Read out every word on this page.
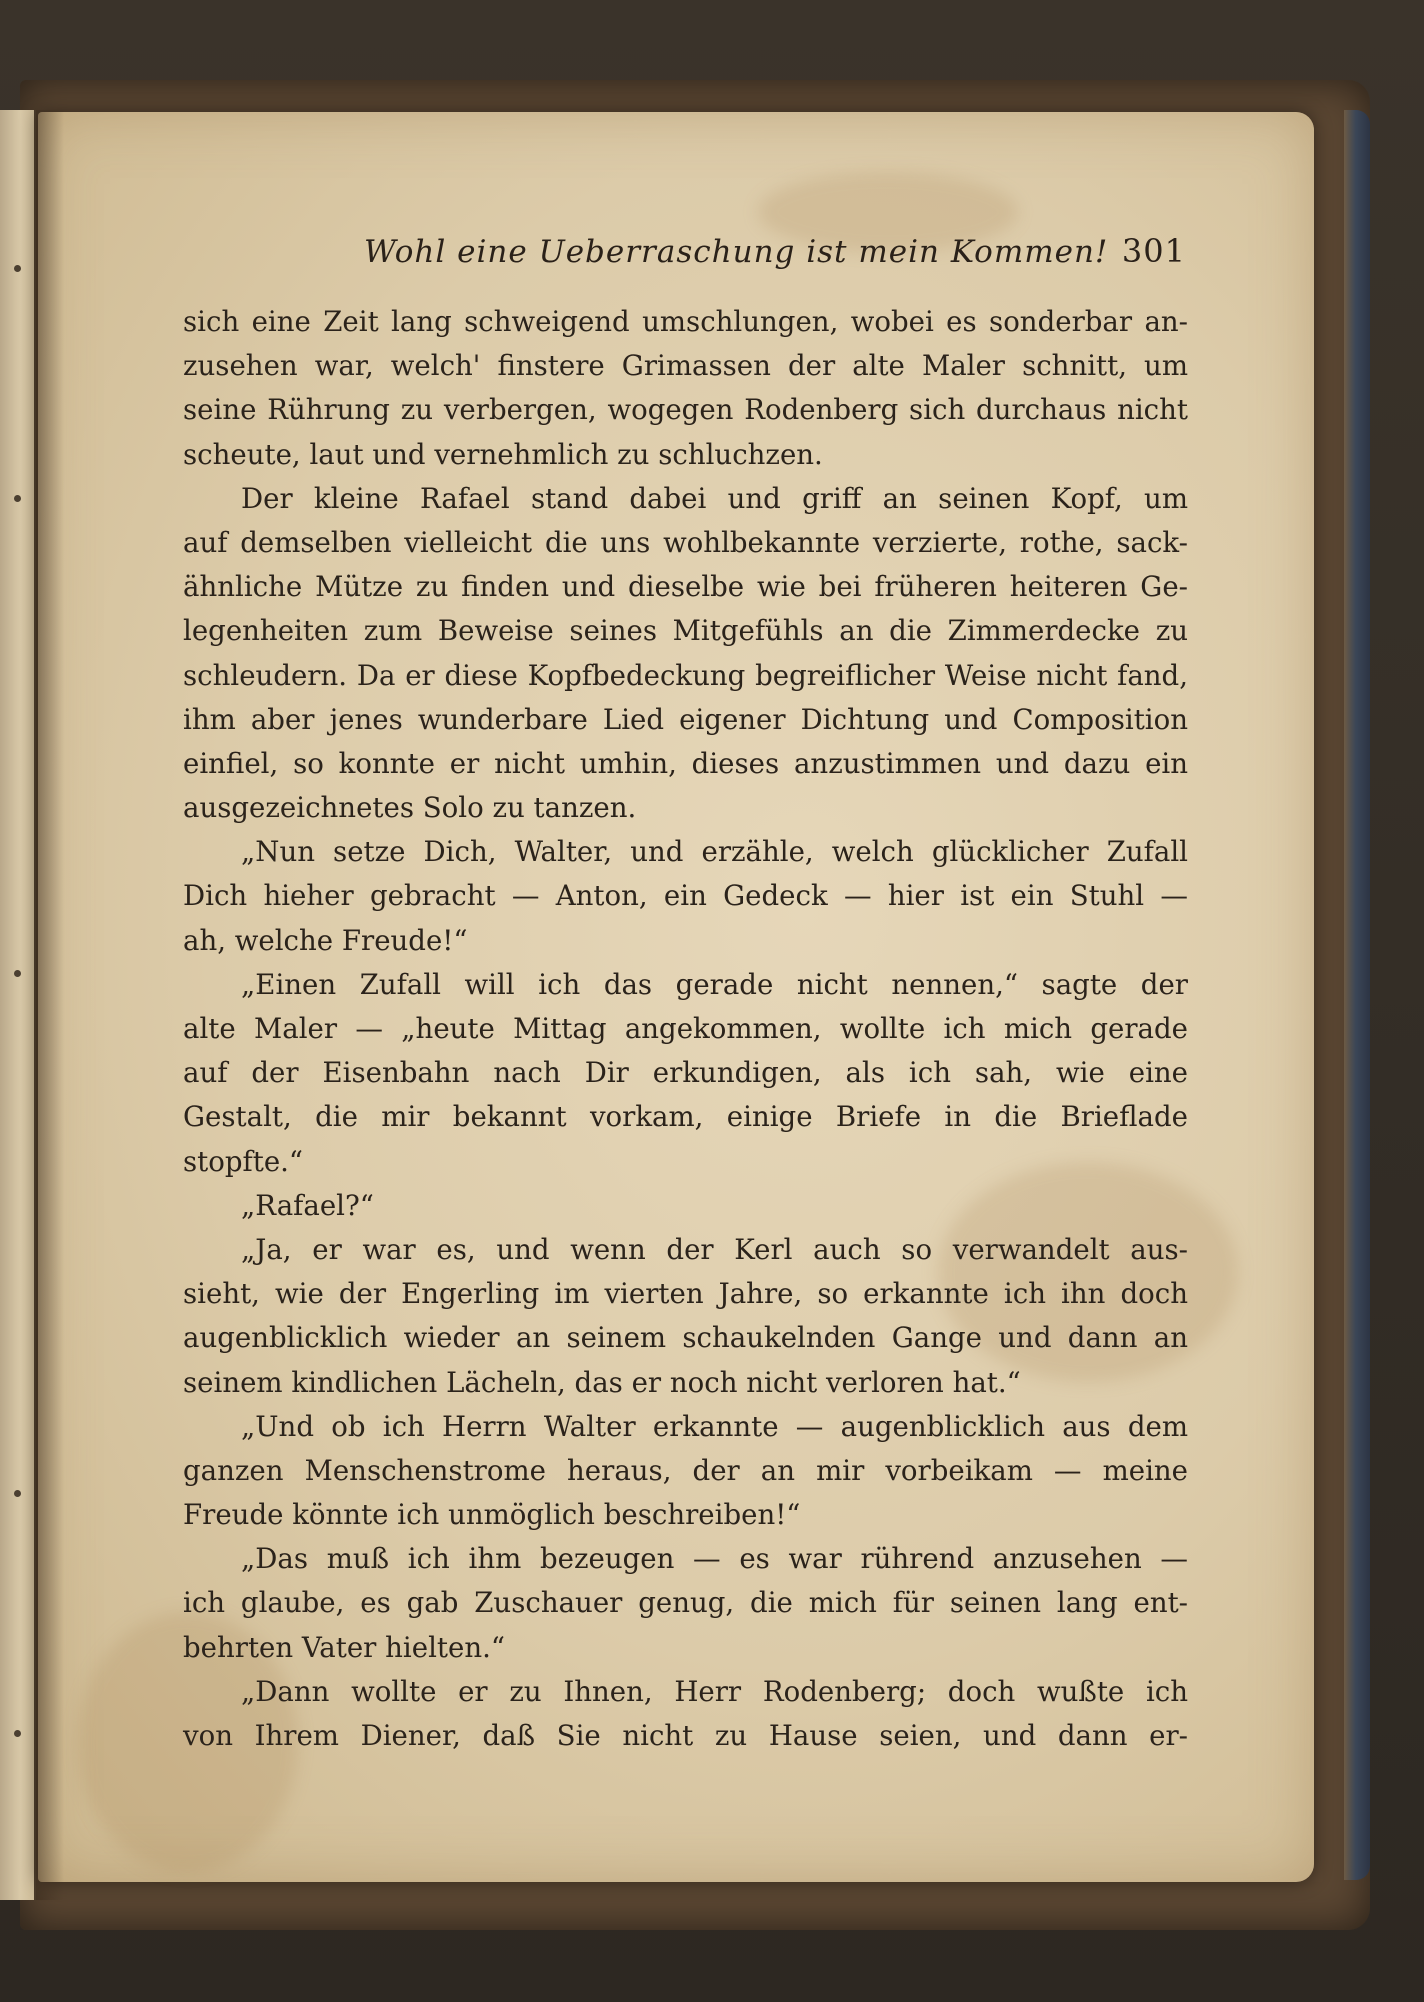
Wohl eine Ueberraschung ist mein Kommen! 301
sich eine Zeit lang schweigend umschlungen, wobei es sonderbar an-
zusehen war, welch' finstere Grimassen der alte Maler schnitt, um
seine Rührung zu verbergen, wogegen Rodenberg sich durchaus nicht
scheute, laut und vernehmlich zu schluchzen.
Der kleine Rafael stand dabei und griff an seinen Kopf, um
auf demselben vielleicht die uns wohlbekannte verzierte, rothe, sack-
ähnliche Mütze zu finden und dieselbe wie bei früheren heiteren Ge-
legenheiten zum Beweise seines Mitgefühls an die Zimmerdecke zu
schleudern. Da er diese Kopfbedeckung begreiflicher Weise nicht fand,
ihm aber jenes wunderbare Lied eigener Dichtung und Composition
einfiel, so konnte er nicht umhin, dieses anzustimmen und dazu ein
ausgezeichnetes Solo zu tanzen.
„Nun setze Dich, Walter, und erzähle, welch glücklicher Zufall
Dich hieher gebracht — Anton, ein Gedeck — hier ist ein Stuhl —
ah, welche Freude!“
„Einen Zufall will ich das gerade nicht nennen,“ sagte der
alte Maler — „heute Mittag angekommen, wollte ich mich gerade
auf der Eisenbahn nach Dir erkundigen, als ich sah, wie eine
Gestalt, die mir bekannt vorkam, einige Briefe in die Brieflade
stopfte.“
„Rafael?“
„Ja, er war es, und wenn der Kerl auch so verwandelt aus-
sieht, wie der Engerling im vierten Jahre, so erkannte ich ihn doch
augenblicklich wieder an seinem schaukelnden Gange und dann an
seinem kindlichen Lächeln, das er noch nicht verloren hat.“
„Und ob ich Herrn Walter erkannte — augenblicklich aus dem
ganzen Menschenstrome heraus, der an mir vorbeikam — meine
Freude könnte ich unmöglich beschreiben!“
„Das muß ich ihm bezeugen — es war rührend anzusehen —
ich glaube, es gab Zuschauer genug, die mich für seinen lang ent-
behrten Vater hielten.“
„Dann wollte er zu Ihnen, Herr Rodenberg; doch wußte ich
von Ihrem Diener, daß Sie nicht zu Hause seien, und dann er-
